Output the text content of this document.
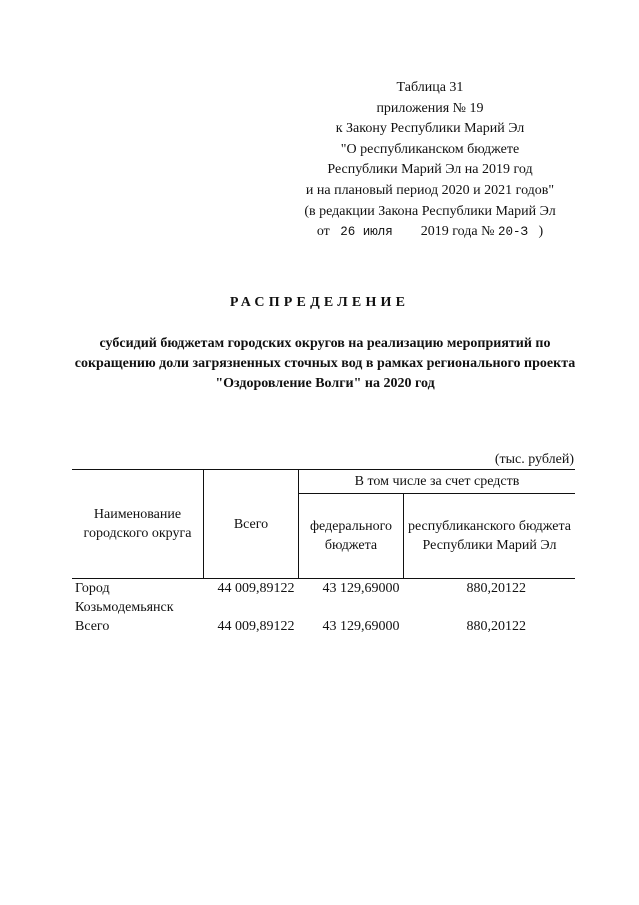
Таблица 31
приложения № 19
к Закону Республики Марий Эл
"О республиканском бюджете
Республики Марий Эл на 2019 год
и на плановый период 2020 и 2021 годов"
(в редакции Закона Республики Марий Эл
от 26 июля 2019 года № 20-З )
РАСПРЕДЕЛЕНИЕ
субсидий бюджетам городских округов на реализацию мероприятий по сокращению доли загрязненных сточных вод в рамках регионального проекта "Оздоровление Волги" на 2020 год
(тыс. рублей)
Наименование городского округа	Всего	В том числе за счет средств	
		федерального бюджета	республиканского бюджета Республики Марий Эл
Город Козьмодемьянск	44 009,89122	43 129,69000	880,20122
Всего	44 009,89122	43 129,69000	880,20122
